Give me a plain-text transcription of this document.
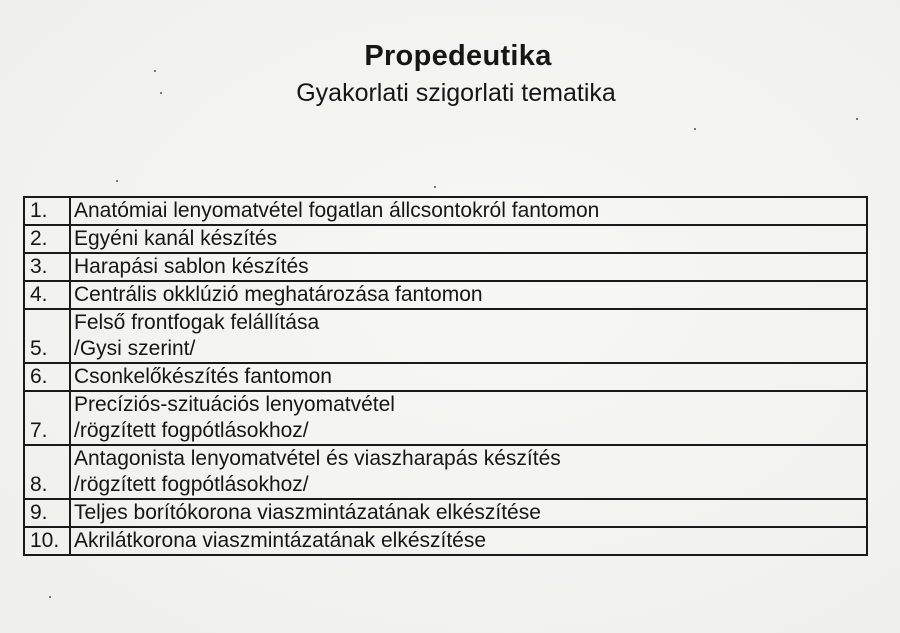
Propedeutika
Gyakorlati szigorlati tematika
1.	Anatómiai lenyomatvétel fogatlan állcsontokról fantomon

2.	Egyéni kanál készítés

3.	Harapási sablon készítés

4.	Centrális okklúzió meghatározása fantomon

5.	Felső frontfogak felállítása
/Gysi szerint/

6.	Csonkelőkészítés fantomon

7.	Precíziós-szituációs lenyomatvétel
/rögzített fogpótlásokhoz/

8.	Antagonista lenyomatvétel és viaszharapás készítés
/rögzített fogpótlásokhoz/

9.	Teljes borítókorona viaszmintázatának elkészítése

10.	Akrilátkorona viaszmintázatának elkészítése
